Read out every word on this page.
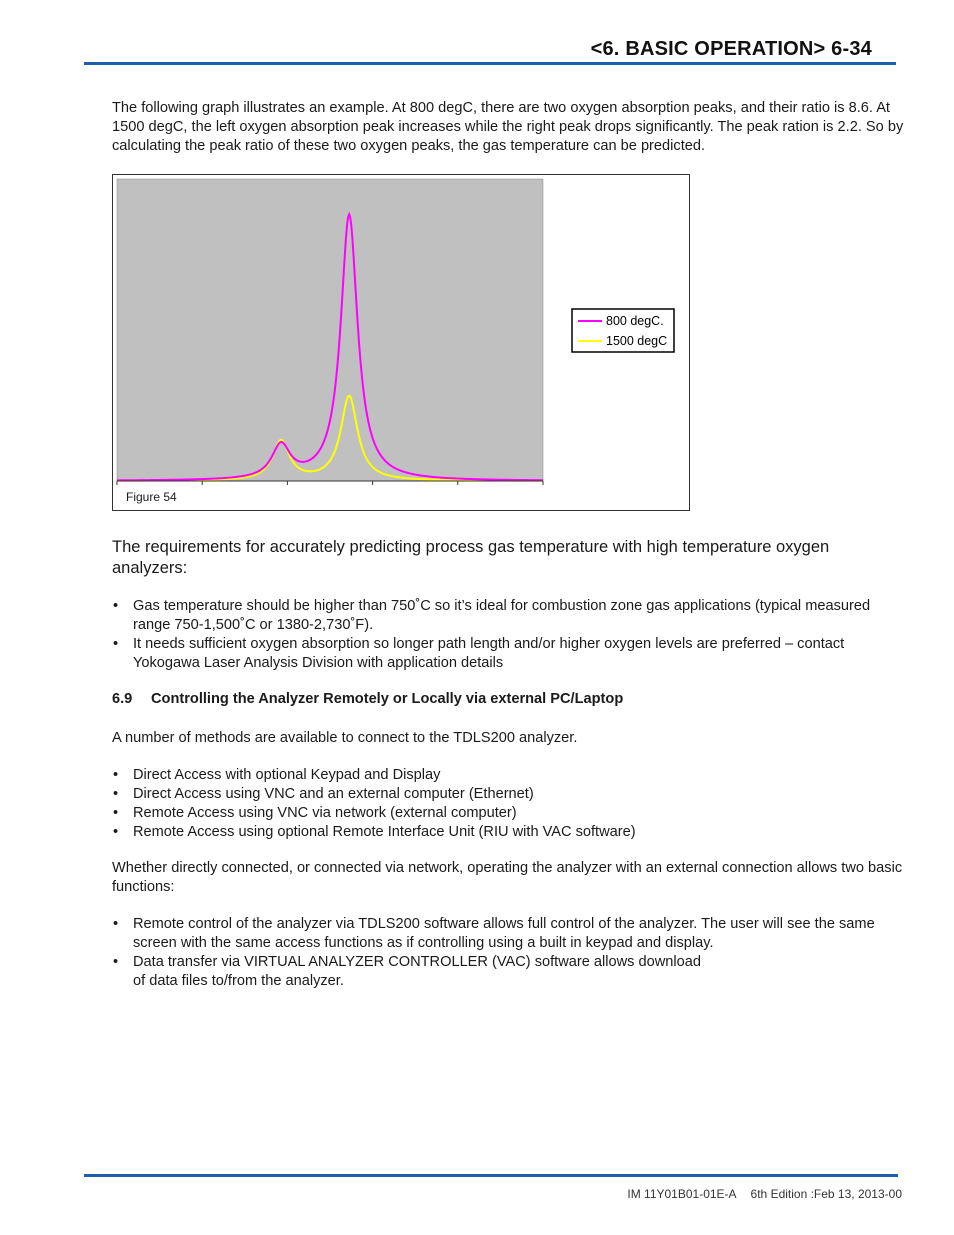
<6. BASIC OPERATION> 6-34
The following graph illustrates an example. At 800 degC, there are two oxygen absorption peaks, and their ratio is 8.6. At 1500 degC, the left oxygen absorption peak increases while the right peak drops significantly. The peak ration is 2.2. So by calculating the peak ratio of these two oxygen peaks, the gas temperature can be predicted.
800 degC.
1500 degC
Figure 54
The requirements for accurately predicting process gas temperature with high temperature oxygen analyzers:
• Gas temperature should be higher than 750˚C so it’s ideal for combustion zone gas applications (typical measured range 750-1,500˚C or 1380-2,730˚F).
• It needs sufficient oxygen absorption so longer path length and/or higher oxygen levels are preferred – contact Yokogawa Laser Analysis Division with application details
6.9 Controlling the Analyzer Remotely or Locally via external PC/Laptop
A number of methods are available to connect to the TDLS200 analyzer.
• Direct Access with optional Keypad and Display
• Direct Access using VNC and an external computer (Ethernet)
• Remote Access using VNC via network (external computer)
• Remote Access using optional Remote Interface Unit (RIU with VAC software)
Whether directly connected, or connected via network, operating the analyzer with an external connection allows two basic functions:
• Remote control of the analyzer via TDLS200 software allows full control of the analyzer. The user will see the same screen with the same access functions as if controlling using a built in keypad and display.
• Data transfer via VIRTUAL ANALYZER CONTROLLER (VAC) software allows download
of data files to/from the analyzer.
IM 11Y01B01-01E-A 6th Edition :Feb 13, 2013-00
